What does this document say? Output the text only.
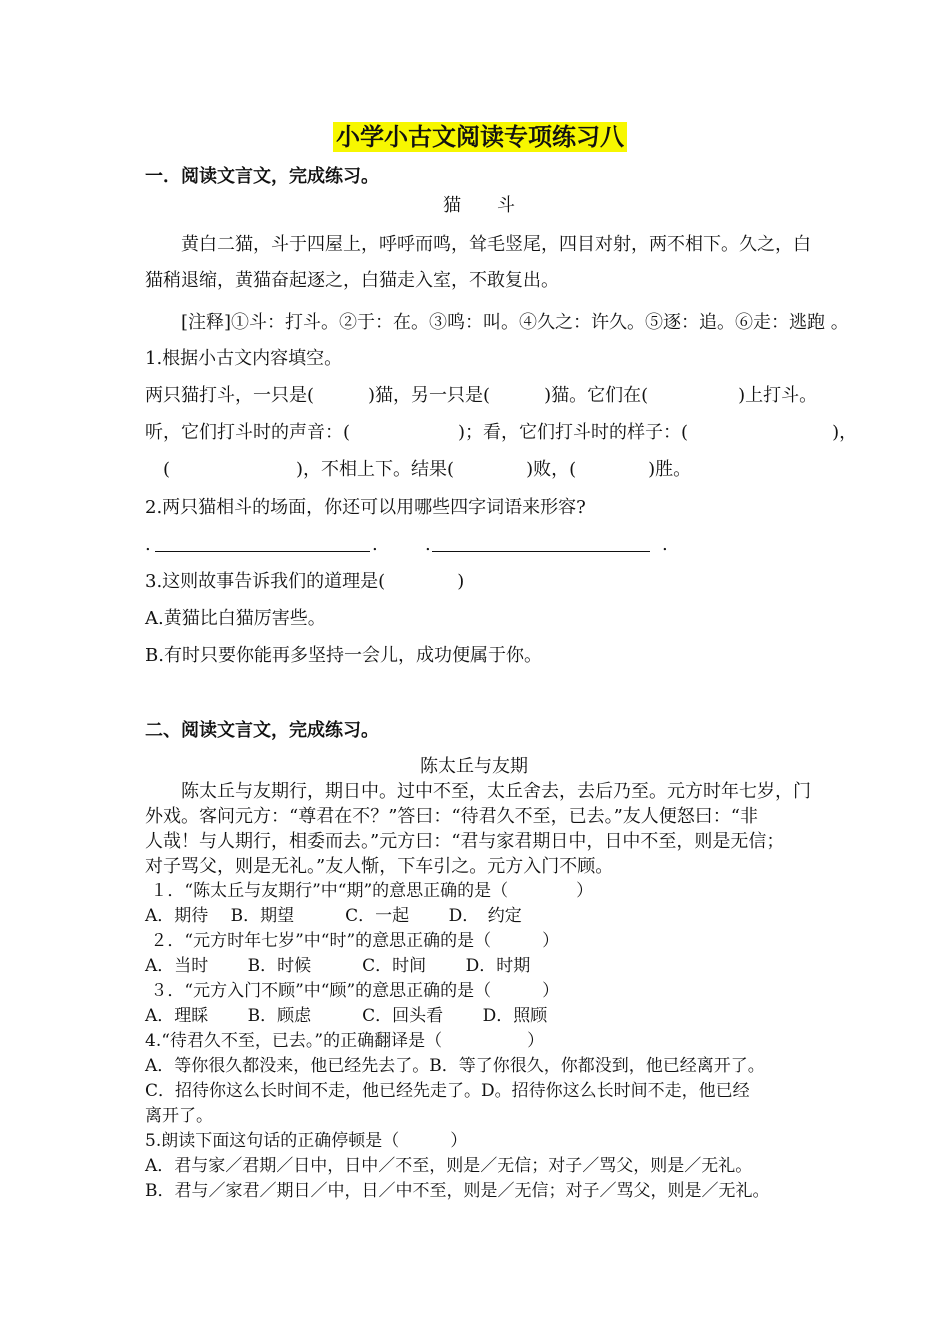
小学小古文阅读专项练习八
一．阅读文言文，完成练习。
猫　　斗
　　黄白二猫，斗于四屋上，呼呼而鸣，耸毛竖尾，四目对射，两不相下。久之，白
猫稍退缩，黄猫奋起逐之，白猫走入室，不敢复出。
　　[注释]①斗：打斗。②于：在。③鸣：叫。④久之：许久。⑤逐：追。⑥走：逃跑 。
1.根据小古文内容填空。
两只猫打斗，一只是(　　　)猫，另一只是(　　　)猫。它们在(　　　　　)上打斗。
听，它们打斗时的声音：(　　　　　　)；看，它们打斗时的样子：(　　　　　　　　)，
　(　　　　　　　)，不相上下。结果(　　　　)败，(　　　　)胜。
2.两只猫相斗的场面，你还可以用哪些四字词语来形容?
.	.	.	.
3.这则故事告诉我们的道理是(　　　　)
A.黄猫比白猫厉害些。
B.有时只要你能再多坚持一会儿，成功便属于你。
二、阅读文言文，完成练习。
陈太丘与友期
　　陈太丘与友期行，期日中。过中不至，太丘舍去，去后乃至。元方时年七岁，门
外戏。客问元方：“尊君在不？”答曰：“待君久不至，已去。”友人便怒曰：“非
人哉！与人期行，相委而去。”元方曰：“君与家君期日中，日中不至，则是无信；
对子骂父，则是无礼。”友人惭，下车引之。元方入门不顾。
１．“陈太丘与友期行”中“期”的意思正确的是（　　　　）
A．期待　 B．期望　　　C．一起　　 D．　约定
２．“元方时年七岁”中“时”的意思正确的是（　　　）
A．当时　　 B．时候　　　C．时间　　 D．时期
３．“元方入门不顾”中“顾”的意思正确的是（　　　）
A．理睬　　 B．顾虑　　　C．回头看　　 D．照顾
4.“待君久不至，已去。”的正确翻译是（　　　　　）
A．等你很久都没来，他已经先去了。B．等了你很久，你都没到，他已经离开了。
C．招待你这么长时间不走，他已经先走了。D。招待你这么长时间不走，他已经
离开了。
5.朗读下面这句话的正确停顿是（　　　）
A．君与家／君期／日中，日中／不至，则是／无信；对子／骂父，则是／无礼。
B．君与／家君／期日／中，日／中不至，则是／无信；对子／骂父，则是／无礼。
